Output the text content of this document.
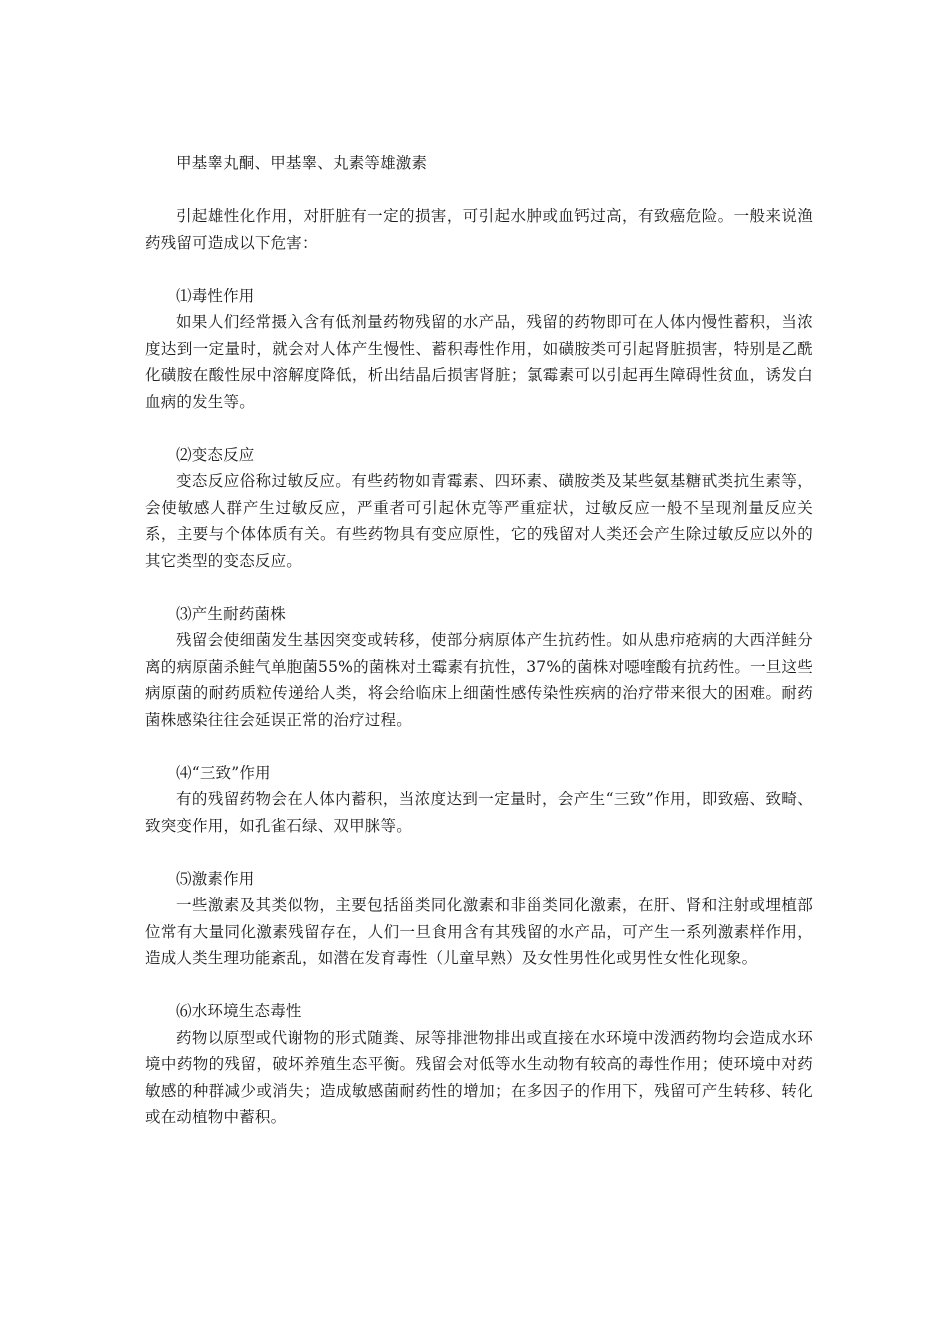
甲基睾丸酮、甲基睾、丸素等雄激素

引起雄性化作用，对肝脏有一定的损害，可引起水肿或血钙过高，有致癌危险。一般来说渔药残留可造成以下危害：

⑴毒性作用

如果人们经常摄入含有低剂量药物残留的水产品，残留的药物即可在人体内慢性蓄积，当浓度达到一定量时，就会对人体产生慢性、蓄积毒性作用，如磺胺类可引起肾脏损害，特别是乙酰化磺胺在酸性尿中溶解度降低，析出结晶后损害肾脏；氯霉素可以引起再生障碍性贫血，诱发白血病的发生等。

⑵变态反应

变态反应俗称过敏反应。有些药物如青霉素、四环素、磺胺类及某些氨基糖甙类抗生素等，会使敏感人群产生过敏反应，严重者可引起休克等严重症状，过敏反应一般不呈现剂量反应关系，主要与个体体质有关。有些药物具有变应原性，它的残留对人类还会产生除过敏反应以外的其它类型的变态反应。

⑶产生耐药菌株

残留会使细菌发生基因突变或转移，使部分病原体产生抗药性。如从患疖疮病的大西洋鲑分离的病原菌杀鲑气单胞菌55%的菌株对土霉素有抗性，37%的菌株对噁喹酸有抗药性。一旦这些病原菌的耐药质粒传递给人类，将会给临床上细菌性感传染性疾病的治疗带来很大的困难。耐药菌株感染往往会延误正常的治疗过程。

⑷“三致”作用

有的残留药物会在人体内蓄积，当浓度达到一定量时，会产生“三致”作用，即致癌、致畸、致突变作用，如孔雀石绿、双甲脒等。

⑸激素作用

一些激素及其类似物，主要包括甾类同化激素和非甾类同化激素，在肝、肾和注射或埋植部位常有大量同化激素残留存在，人们一旦食用含有其残留的水产品，可产生一系列激素样作用，造成人类生理功能紊乱，如潜在发育毒性（儿童早熟）及女性男性化或男性女性化现象。

⑹水环境生态毒性

药物以原型或代谢物的形式随粪、尿等排泄物排出或直接在水环境中泼洒药物均会造成水环境中药物的残留，破坏养殖生态平衡。残留会对低等水生动物有较高的毒性作用；使环境中对药敏感的种群减少或消失；造成敏感菌耐药性的增加；在多因子的作用下，残留可产生转移、转化或在动植物中蓄积。
